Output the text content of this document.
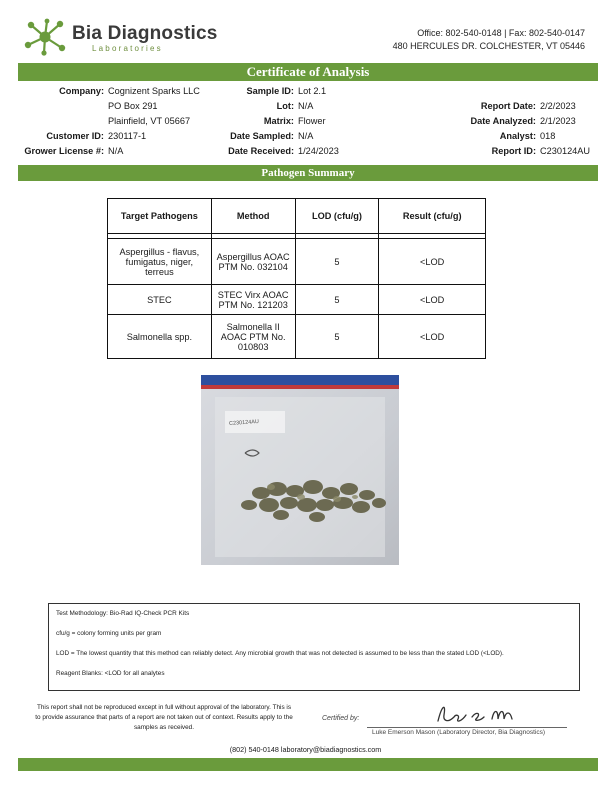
Bia Diagnostics
Laboratories
Office: 802-540-0148 | Fax: 802-540-0147
480 HERCULES DR. COLCHESTER, VT 05446
Certificate of Analysis
Company: Cognizent Sparks LLC
PO Box 291
Plainfield, VT 05667
Customer ID: 230117-1
Grower License #: N/A
Sample ID: Lot 2.1
Lot: N/A
Matrix: Flower
Date Sampled: N/A
Date Received: 1/24/2023
Report Date: 2/2/2023
Date Analyzed: 2/1/2023
Analyst: 018
Report ID: C230124AU
Pathogen Summary
Target Pathogens	Method	LOD (cfu/g)	Result (cfu/g)

Aspergillus - flavus, fumigatus, niger, terreus	Aspergillus AOAC PTM No. 032104	5	<LOD
STEC	STEC Virx AOAC PTM No. 121203	5	<LOD
Salmonella spp.	Salmonella II AOAC PTM No. 010803	5	<LOD
C230124AU

Test Methodology: Bio-Rad IQ-Check PCR Kits

cfu/g = colony forming units per gram

LOD = The lowest quantity that this method can reliably detect. Any microbial growth that was not detected is assumed to be less than the stated LOD (<LOD).

Reagent Blanks: <LOD for all analytes

This report shall not be reproduced except in full without approval of the laboratory. This is to provide assurance that parts of a report are not taken out of context. Results apply to the samples as received.
Certified by:
Luke Emerson Mason (Laboratory Director, Bia Diagnostics)
(802) 540-0148 laboratory@biadiagnostics.com
